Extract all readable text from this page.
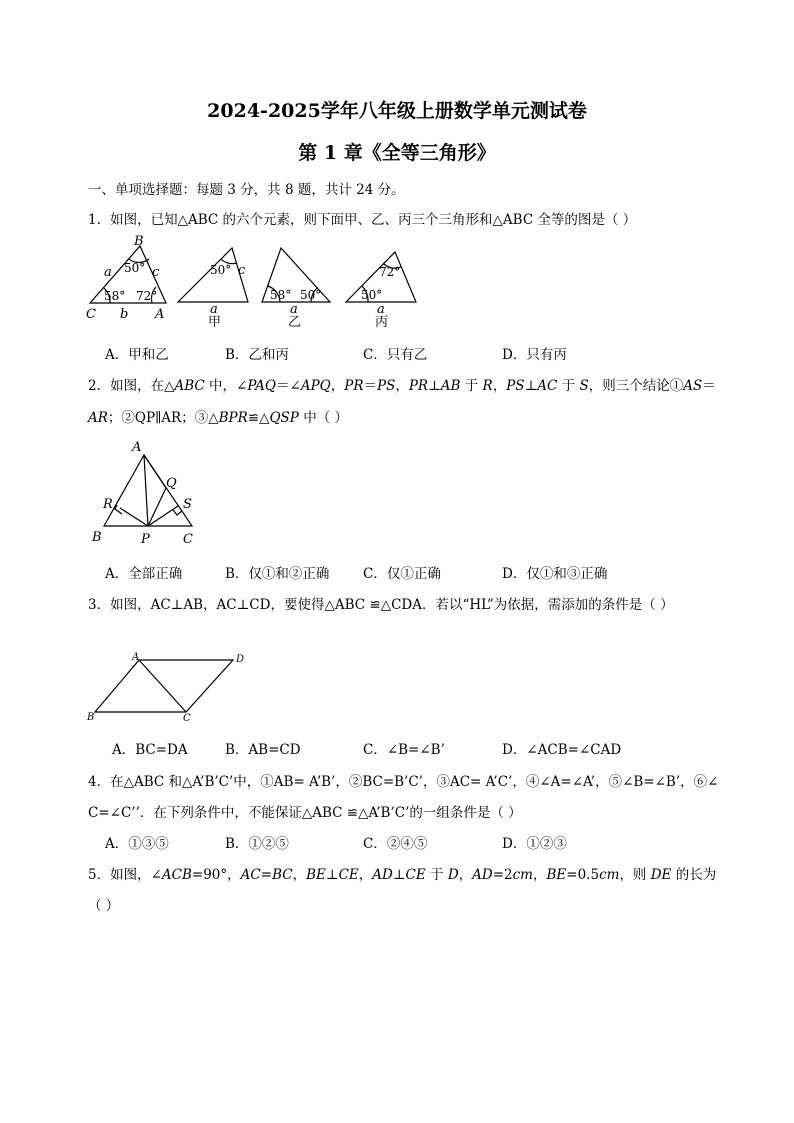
2024-2025学年八年级上册数学单元测试卷
第 1 章《全等三角形》
一、单项选择题：每题 3 分，共 8 题，共计 24 分。
1．如图，已知△ABC 的六个元素，则下面甲、乙、丙三个三角形和△ABC 全等的图是（ ）
B
C	A
a
b
c
50°
58° 72°
50° c
a
甲
58° 50°
a
乙
72°
50°
a
丙
A．甲和乙	B．乙和丙	C．只有乙	D．只有丙
2．如图，在△ABC 中，∠PAQ＝∠APQ，PR＝PS，PR⊥AB 于 R，PS⊥AC 于 S，则三个结论①AS＝
AR；②QP∥AR；③△BPR≌△QSP 中（ ）
A
B	C
P
Q
R	S
A．全部正确	B．仅①和②正确 C．仅①正确	D．仅①和③正确
3．如图，AC⊥AB，AC⊥CD，要使得△ABC ≌△CDA．若以“HL”为依据，需添加的条件是（ ）
A	D
B	C
A．BC=DA	B．AB=CD	C．∠B=∠B’	D．∠ACB=∠CAD
4．在△ABC 和△A’B’C’中，①AB= A’B’，②BC=B’C’，③AC= A’C’，④∠A=∠A’，⑤∠B=∠B’，⑥∠
C=∠C’’．在下列条件中，不能保证△ABC ≌△A’B’C’的一组条件是（ ）
A．①③⑤	B．①②⑤	C．②④⑤	D．①②③
5．如图，∠ACB=90°，AC=BC，BE⊥CE，AD⊥CE 于 D，AD=2cm，BE=0.5cm，则 DE 的长为
（ ）
